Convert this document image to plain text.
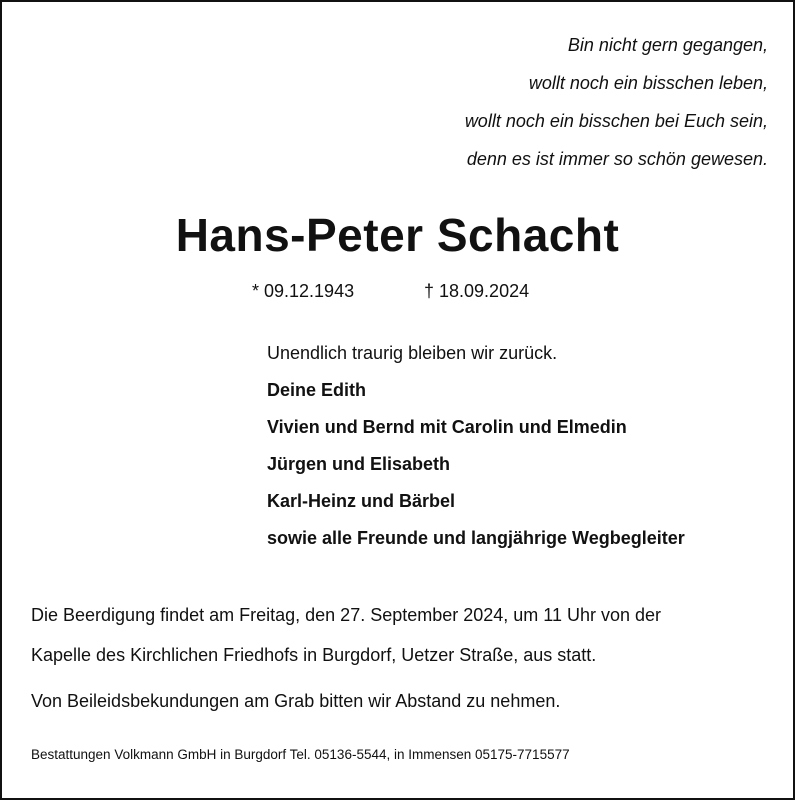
Bin nicht gern gegangen,
wollt noch ein bisschen leben,
wollt noch ein bisschen bei Euch sein,
denn es ist immer so schön gewesen.
Hans-Peter Schacht
* 09.12.1943	† 18.09.2024
Unendlich traurig bleiben wir zurück.
Deine Edith
Vivien und Bernd mit Carolin und Elmedin
Jürgen und Elisabeth
Karl-Heinz und Bärbel
sowie alle Freunde und langjährige Wegbegleiter
Die Beerdigung findet am Freitag, den 27. September 2024, um 11 Uhr von der
Kapelle des Kirchlichen Friedhofs in Burgdorf, Uetzer Straße, aus statt.
Von Beileidsbekundungen am Grab bitten wir Abstand zu nehmen.
Bestattungen Volkmann GmbH in Burgdorf Tel. 05136-5544, in Immensen 05175-7715577
